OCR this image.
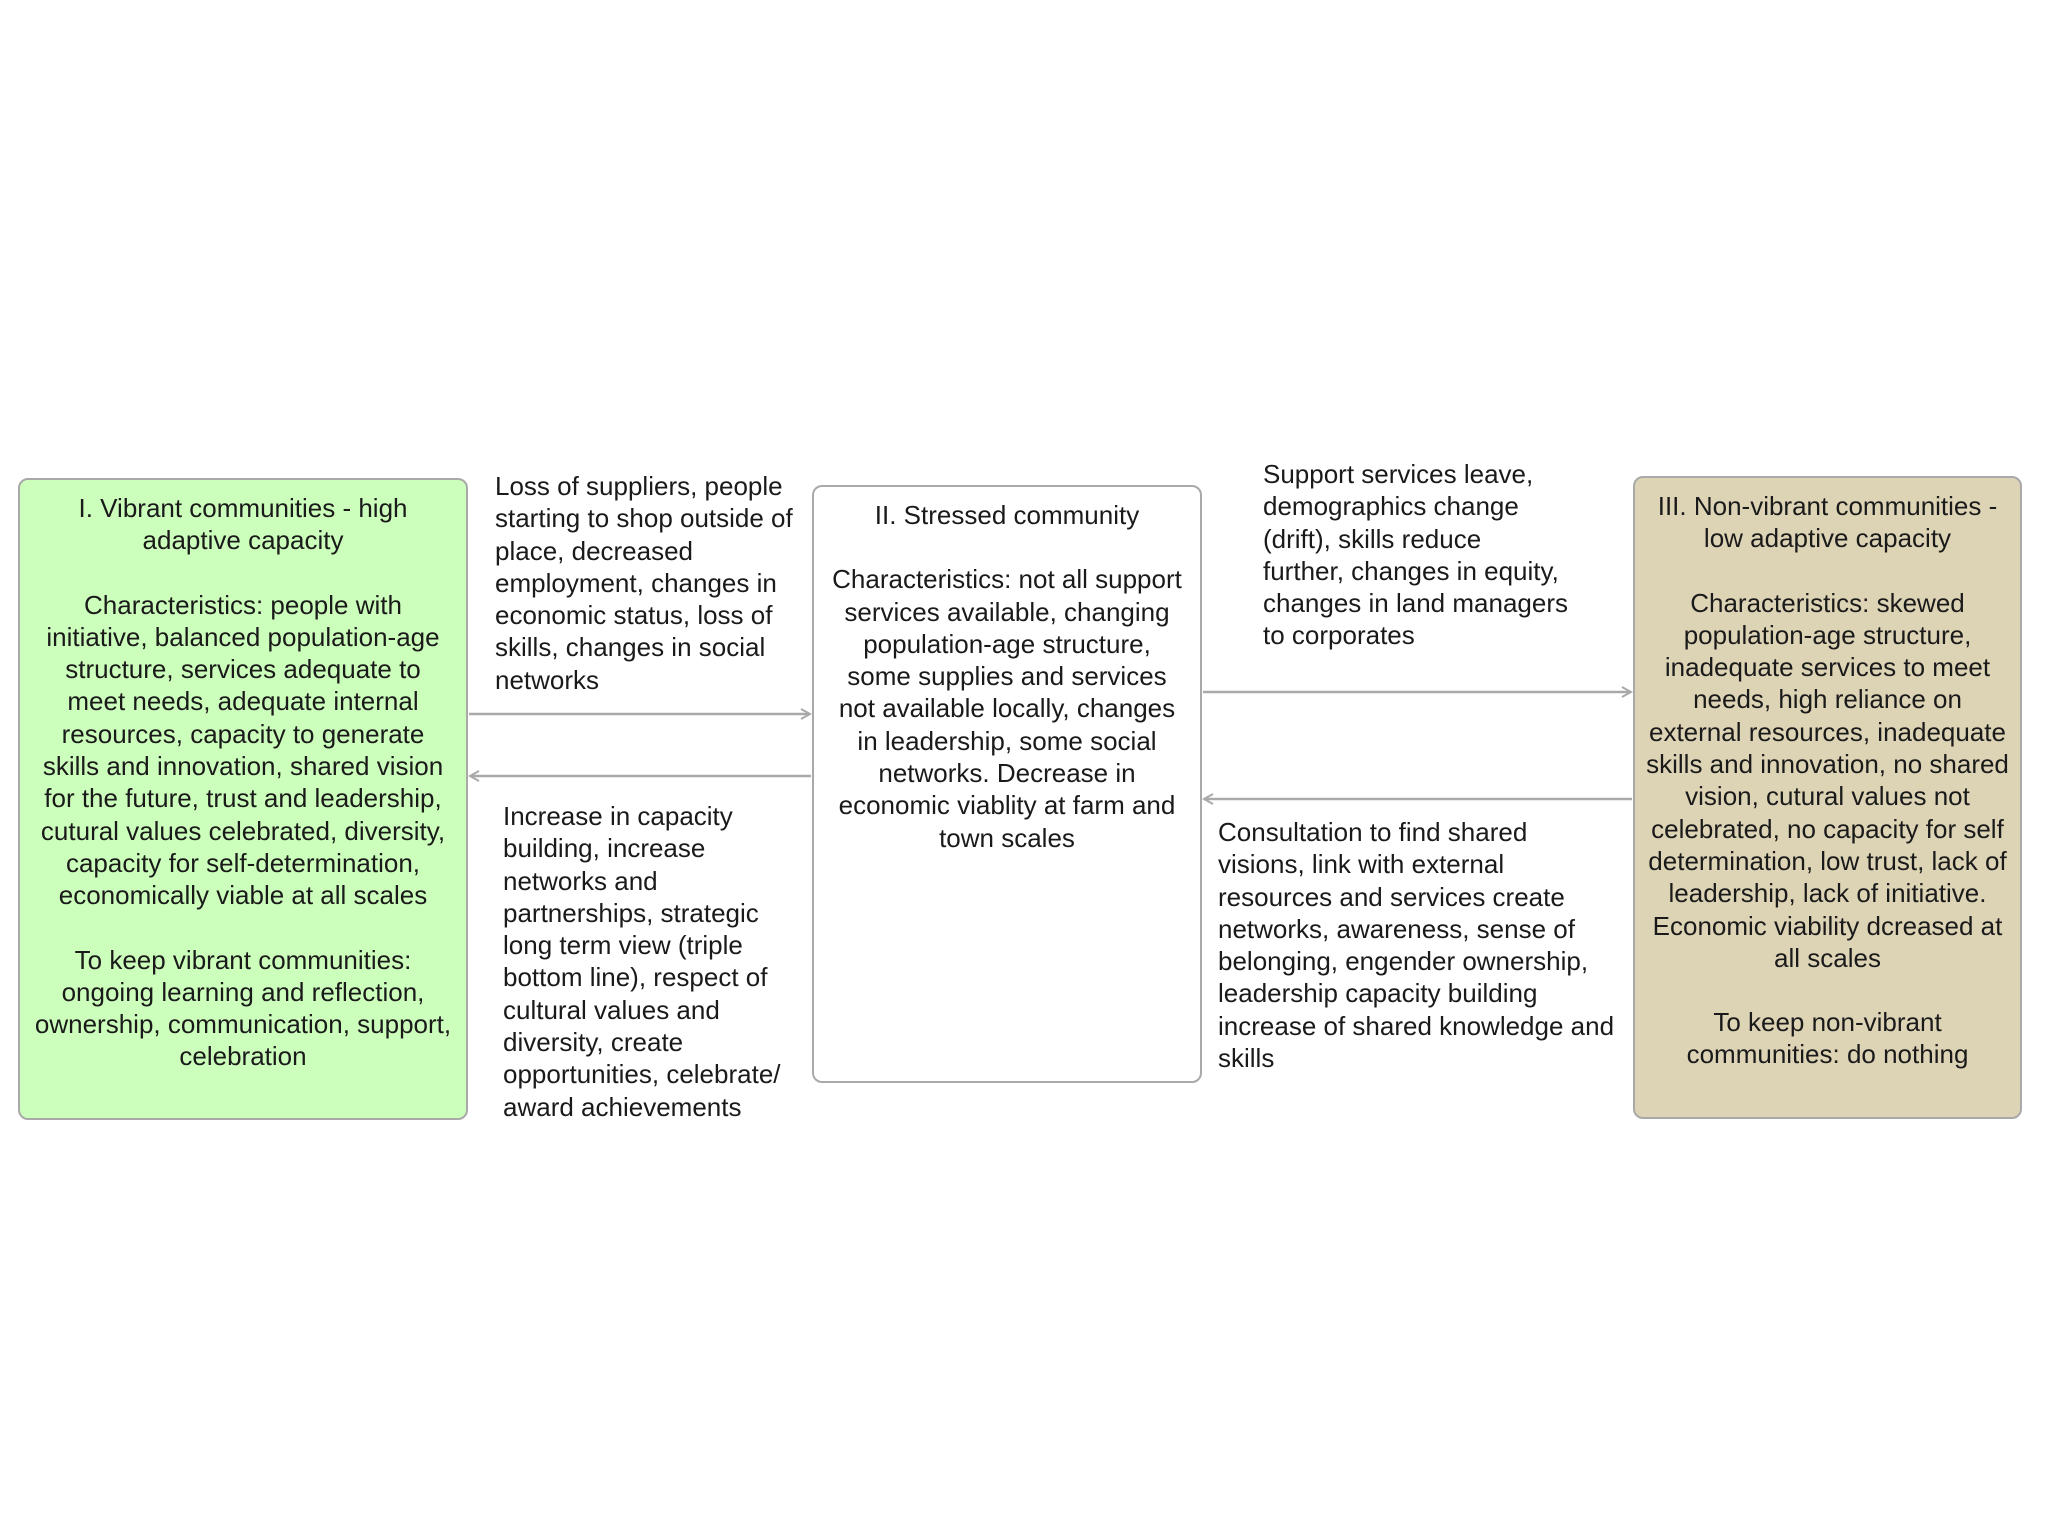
I. Vibrant communities - high adaptive capacity

Characteristics: people with initiative, balanced population-age structure, services adequate to meet needs, adequate internal resources, capacity to generate skills and innovation, shared vision for the future, trust and leadership, cutural values celebrated, diversity, capacity for self-determination, economically viable at all scales

To keep vibrant communities: ongoing learning and reflection, ownership, communication, support, celebration

II. Stressed community

Characteristics: not all support services available, changing population-age structure, some supplies and services not available locally, changes in leadership, some social networks. Decrease in economic viablity at farm and town scales

III. Non-vibrant communities - low adaptive capacity

Characteristics: skewed population-age structure, inadequate services to meet needs, high reliance on external resources, inadequate skills and innovation, no shared vision, cutural values not celebrated, no capacity for self determination, low trust, lack of leadership, lack of initiative. Economic viability dcreased at all scales

To keep non-vibrant communities: do nothing

Loss of suppliers, people
starting to shop outside of
place, decreased
employment, changes in
economic status, loss of
skills, changes in social
networks
Increase in capacity
building, increase
networks and
partnerships, strategic
long term view (triple
bottom line), respect of
cultural values and
diversity, create
opportunities, celebrate/
award achievements
Support services leave,
demographics change
(drift), skills reduce
further, changes in equity,
changes in land managers
to corporates
Consultation to find shared
visions, link with external
resources and services create
networks, awareness, sense of
belonging, engender ownership,
leadership capacity building
increase of shared knowledge and
skills
